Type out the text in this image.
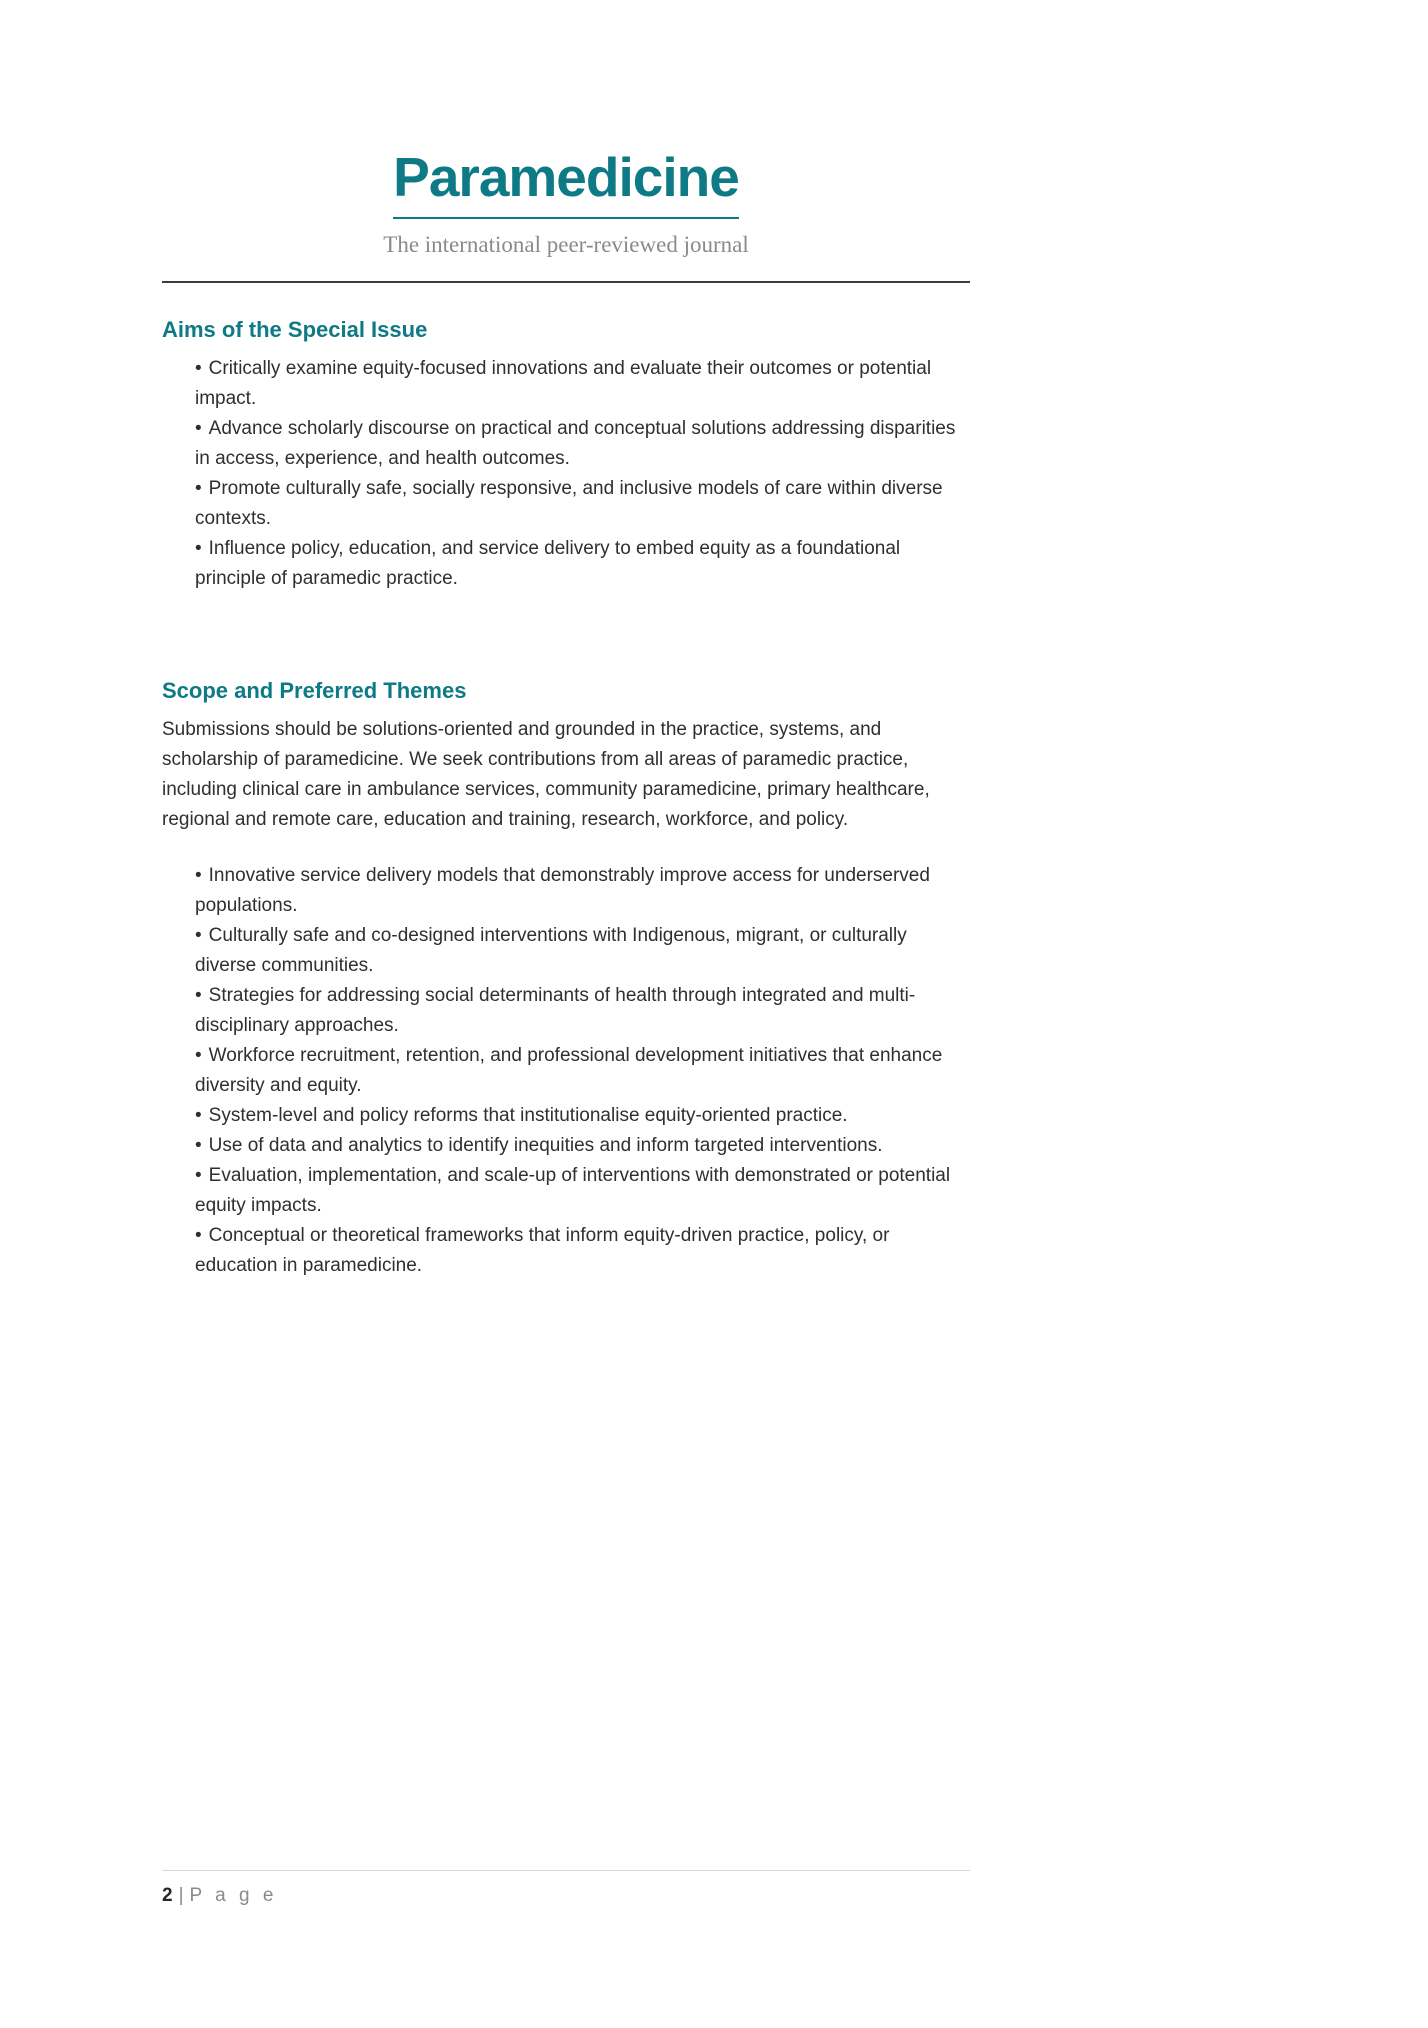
Paramedicine
The international peer-reviewed journal
Aims of the Special Issue

• Critically examine equity-focused innovations and evaluate their outcomes or potential impact.

• Advance scholarly discourse on practical and conceptual solutions addressing disparities in access, experience, and health outcomes.

• Promote culturally safe, socially responsive, and inclusive models of care within diverse contexts.

• Influence policy, education, and service delivery to embed equity as a foundational principle of paramedic practice.

Scope and Preferred Themes

Submissions should be solutions-oriented and grounded in the practice, systems, and scholarship of paramedicine. We seek contributions from all areas of paramedic practice, including clinical care in ambulance services, community paramedicine, primary healthcare, regional and remote care, education and training, research, workforce, and policy.

• Innovative service delivery models that demonstrably improve access for underserved populations.

• Culturally safe and co-designed interventions with Indigenous, migrant, or culturally diverse communities.

• Strategies for addressing social determinants of health through integrated and multi-disciplinary approaches.

• Workforce recruitment, retention, and professional development initiatives that enhance diversity and equity.

• System-level and policy reforms that institutionalise equity-oriented practice.

• Use of data and analytics to identify inequities and inform targeted interventions.

• Evaluation, implementation, and scale-up of interventions with demonstrated or potential equity impacts.

• Conceptual or theoretical frameworks that inform equity-driven practice, policy, or education in paramedicine.

2 | P a g e
